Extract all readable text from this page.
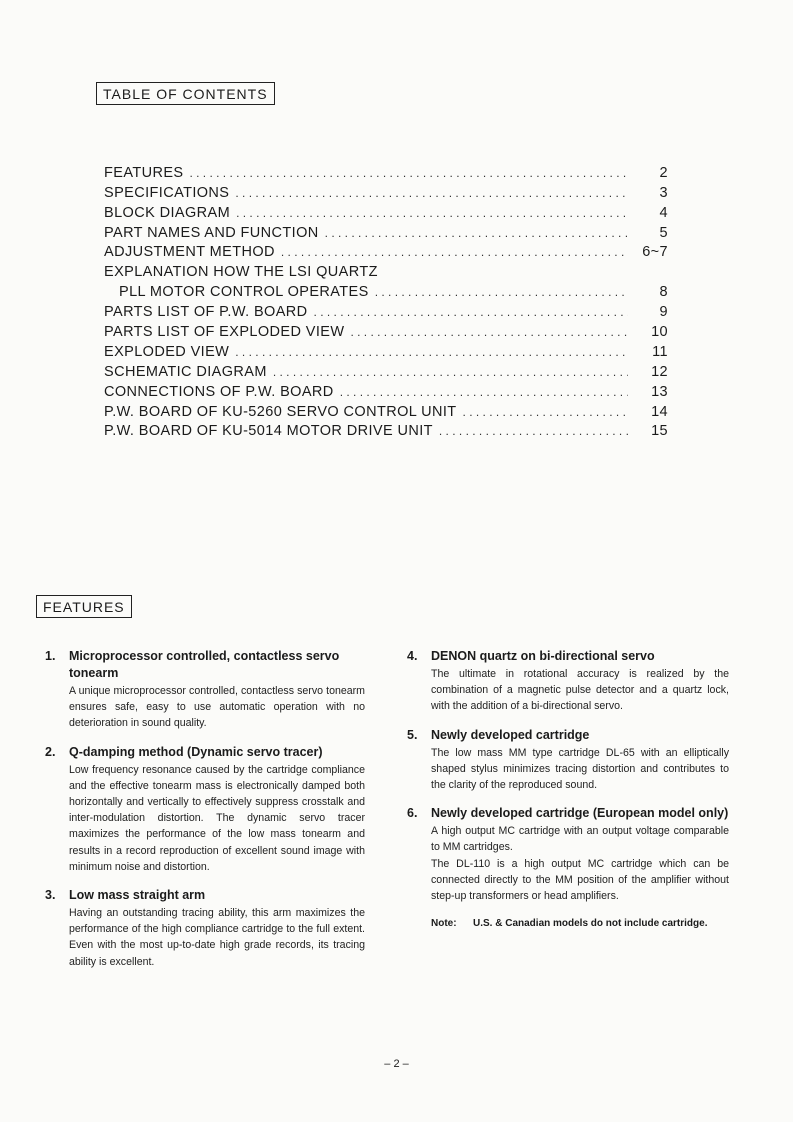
TABLE OF CONTENTS
FEATURES . . .	2
SPECIFICATIONS . . .	3
BLOCK DIAGRAM . . .	4
PART NAMES AND FUNCTION . . .	5
ADJUSTMENT METHOD . . .	6~7
EXPLANATION HOW THE LSI QUARTZ
PLL MOTOR CONTROL OPERATES . . .	8
PARTS LIST OF P.W. BOARD . . .	9
PARTS LIST OF EXPLODED VIEW . . .	10
EXPLODED VIEW . . .	11
SCHEMATIC DIAGRAM . . .	12
CONNECTIONS OF P.W. BOARD . . .	13
P.W. BOARD OF KU-5260 SERVO CONTROL UNIT . . .	14
P.W. BOARD OF KU-5014 MOTOR DRIVE UNIT . . .	15
FEATURES
1.	Microprocessor controlled, contactless servo tonearm
A unique microprocessor controlled, contactless servo tonearm ensures safe, easy to use automatic operation with no deterioration in sound quality.
2.	Q-damping method (Dynamic servo tracer)
Low frequency resonance caused by the cartridge compliance and the effective tonearm mass is electronically damped both horizontally and vertically to effectively suppress crosstalk and inter-modulation distortion. The dynamic servo tracer maximizes the performance of the low mass tonearm and results in a record reproduction of excellent sound image with minimum noise and distortion.
3.	Low mass straight arm
Having an outstanding tracing ability, this arm maximizes the performance of the high compliance cartridge to the full extent. Even with the most up-to-date high grade records, its tracing ability is excellent.
4.	DENON quartz on bi-directional servo
The ultimate in rotational accuracy is realized by the combination of a magnetic pulse detector and a quartz lock, with the addition of a bi-directional servo.
5.	Newly developed cartridge
The low mass MM type cartridge DL-65 with an elliptically shaped stylus minimizes tracing distortion and contributes to the clarity of the reproduced sound.
6.	Newly developed cartridge (European model only)
A high output MC cartridge with an output voltage comparable to MM cartridges.
The DL-110 is a high output MC cartridge which can be connected directly to the MM position of the amplifier without step-up transformers or head amplifiers.
Note:	U.S. & Canadian models do not include cartridge.
– 2 –
